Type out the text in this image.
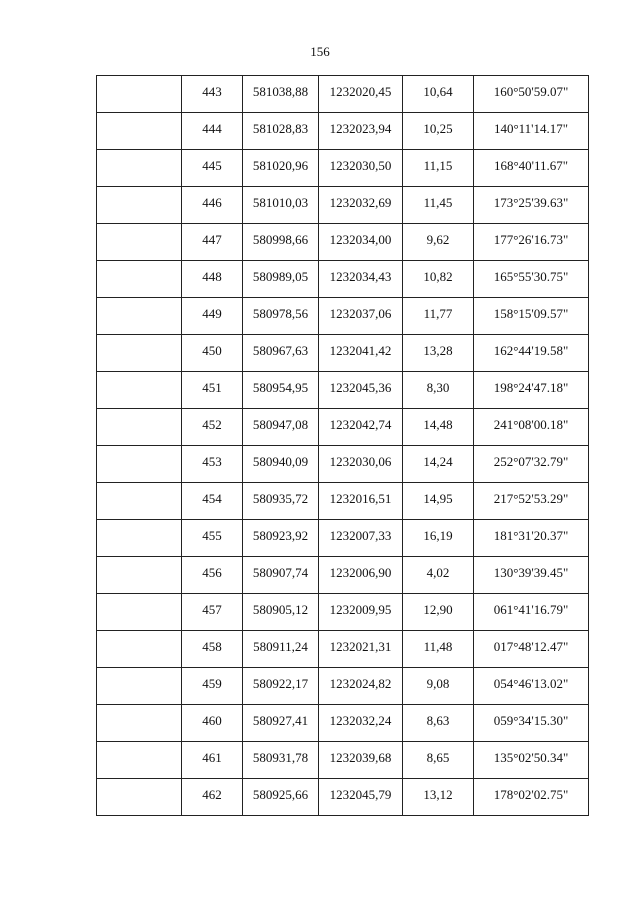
156

	443	581038,88	1232020,45	10,64	160°50'59.07"

	444	581028,83	1232023,94	10,25	140°11'14.17"

	445	581020,96	1232030,50	11,15	168°40'11.67"

	446	581010,03	1232032,69	11,45	173°25'39.63"

	447	580998,66	1232034,00	9,62	177°26'16.73"

	448	580989,05	1232034,43	10,82	165°55'30.75"

	449	580978,56	1232037,06	11,77	158°15'09.57"

	450	580967,63	1232041,42	13,28	162°44'19.58"

	451	580954,95	1232045,36	8,30	198°24'47.18"

	452	580947,08	1232042,74	14,48	241°08'00.18"

	453	580940,09	1232030,06	14,24	252°07'32.79"

	454	580935,72	1232016,51	14,95	217°52'53.29"

	455	580923,92	1232007,33	16,19	181°31'20.37"

	456	580907,74	1232006,90	4,02	130°39'39.45"

	457	580905,12	1232009,95	12,90	061°41'16.79"

	458	580911,24	1232021,31	11,48	017°48'12.47"

	459	580922,17	1232024,82	9,08	054°46'13.02"

	460	580927,41	1232032,24	8,63	059°34'15.30"

	461	580931,78	1232039,68	8,65	135°02'50.34"

	462	580925,66	1232045,79	13,12	178°02'02.75"
